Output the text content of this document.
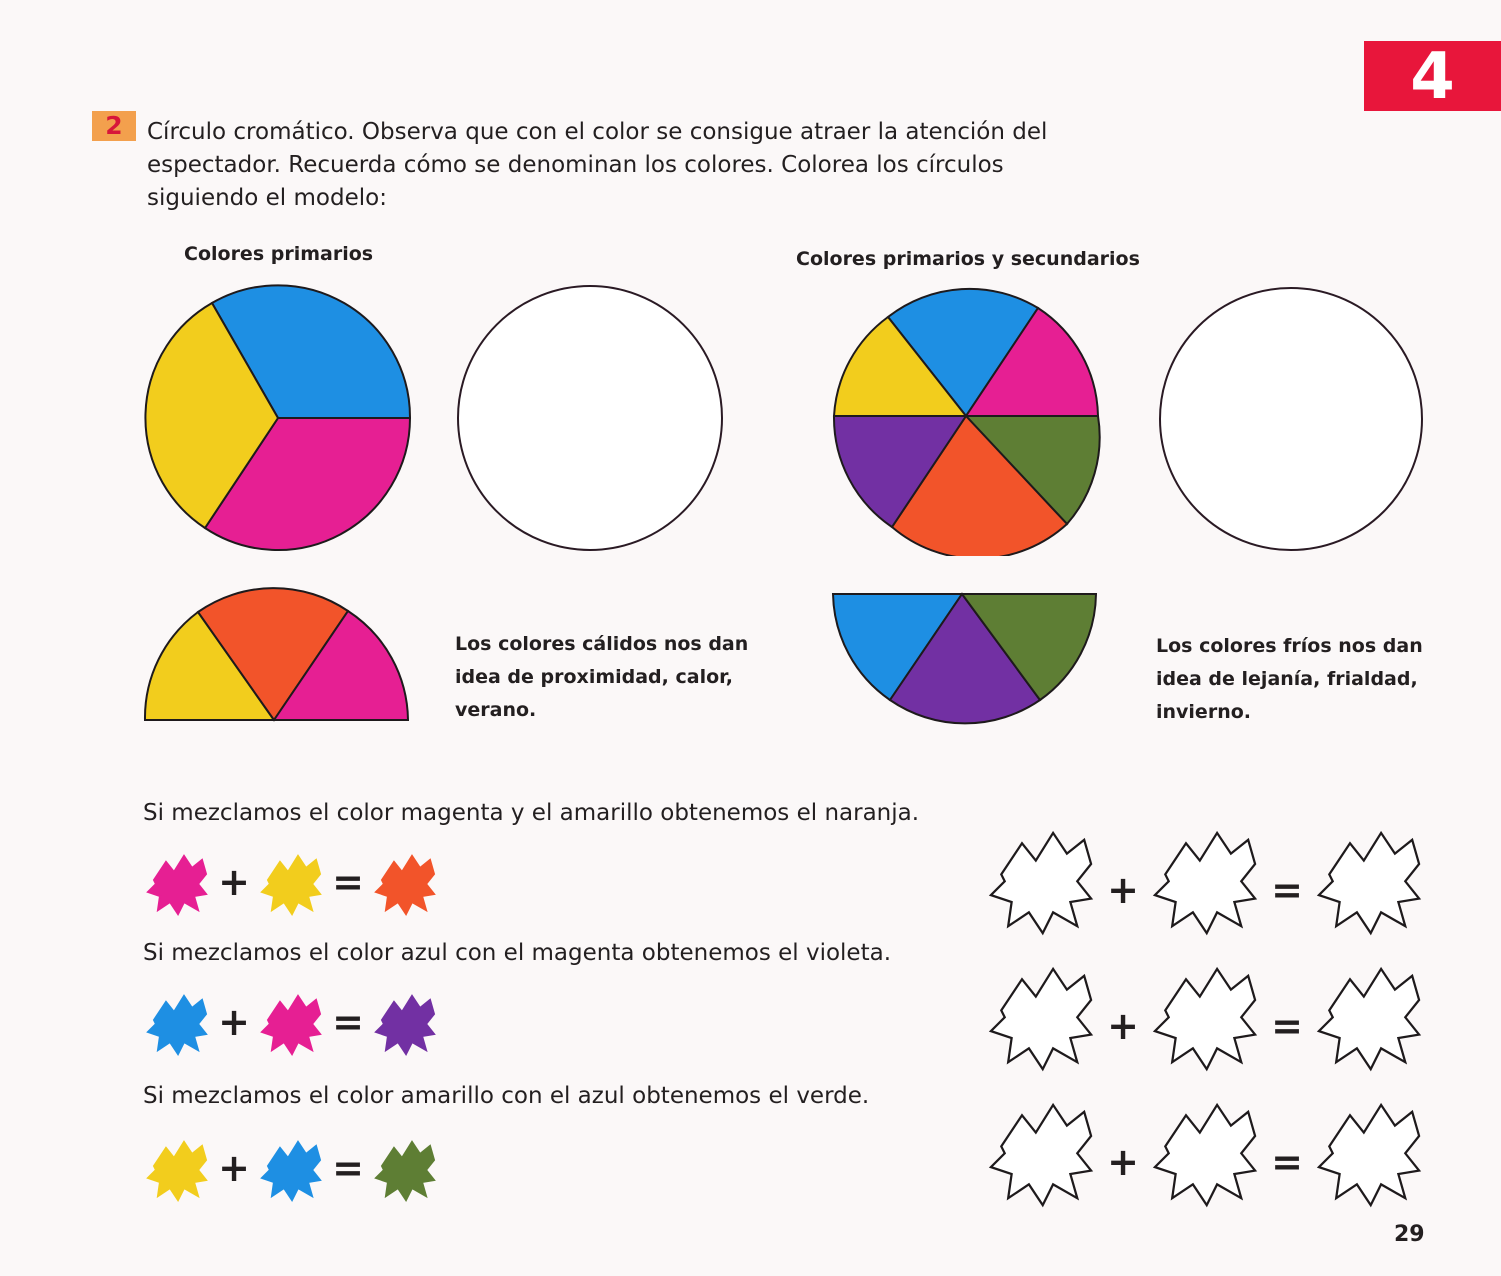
4
2	Círculo cromático. Observa que con el color se consigue atraer la atención del espectador. Recuerda cómo se denominan los colores. Colorea los círculos siguiendo el modelo:
Colores primarios	Colores primarios y secundarios
Los colores cálidos nos dan
idea de proximidad, calor,
verano.
Los colores fríos nos dan
idea de lejanía, frialdad,
invierno.
Si mezclamos el color magenta y el amarillo obtenemos el naranja.
+ =	+	=
Si mezclamos el color azul con el magenta obtenemos el violeta.
+ =	+	=
Si mezclamos el color amarillo con el azul obtenemos el verde.
+ =	+	=
29
